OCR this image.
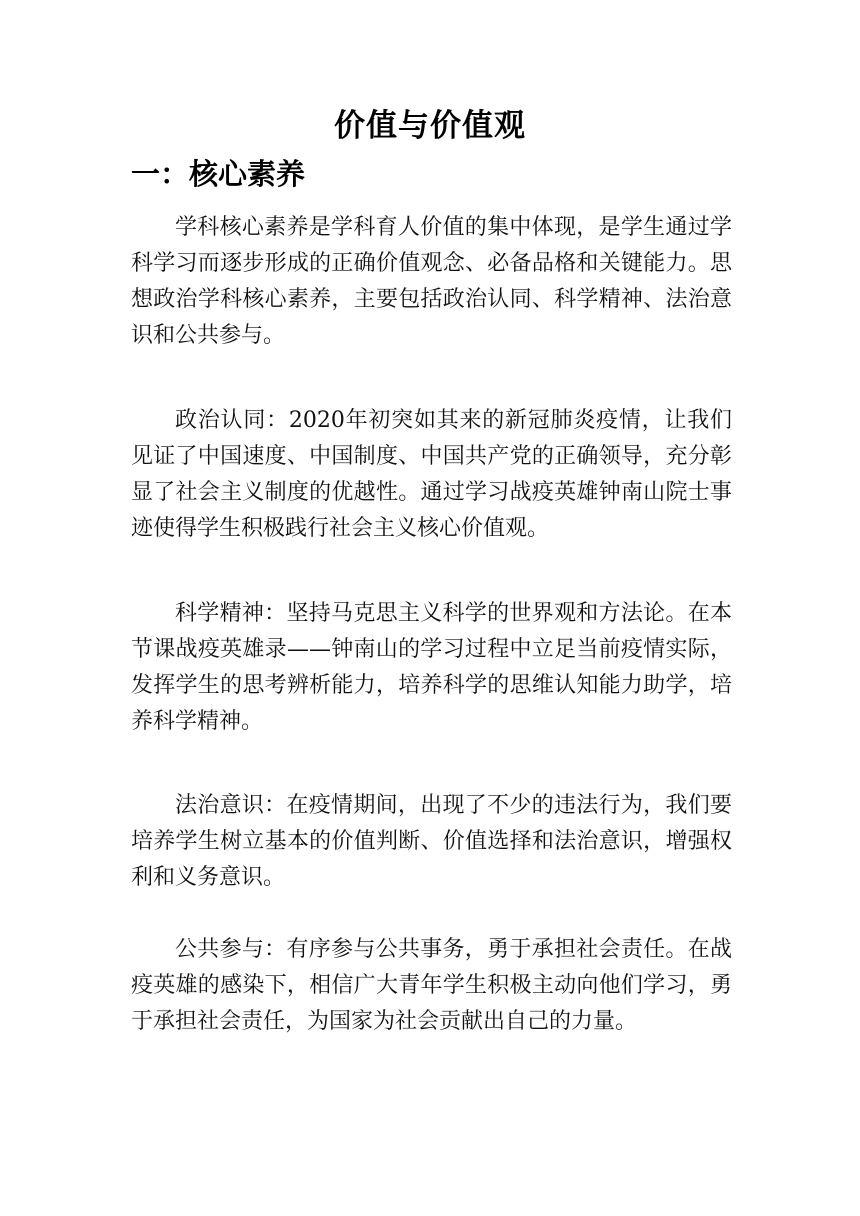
价值与价值观
一：核心素养

学科核心素养是学科育人价值的集中体现，是学生通过学科学习而逐步形成的正确价值观念、必备品格和关键能力。思想政治学科核心素养，主要包括政治认同、科学精神、法治意识和公共参与。

政治认同：2020年初突如其来的新冠肺炎疫情，让我们见证了中国速度、中国制度、中国共产党的正确领导，充分彰显了社会主义制度的优越性。通过学习战疫英雄钟南山院士事迹使得学生积极践行社会主义核心价值观。

科学精神：坚持马克思主义科学的世界观和方法论。在本节课战疫英雄录——钟南山的学习过程中立足当前疫情实际，发挥学生的思考辨析能力，培养科学的思维认知能力助学，培养科学精神。

法治意识：在疫情期间，出现了不少的违法行为，我们要培养学生树立基本的价值判断、价值选择和法治意识，增强权利和义务意识。

公共参与：有序参与公共事务，勇于承担社会责任。在战疫英雄的感染下，相信广大青年学生积极主动向他们学习，勇于承担社会责任，为国家为社会贡献出自己的力量。
